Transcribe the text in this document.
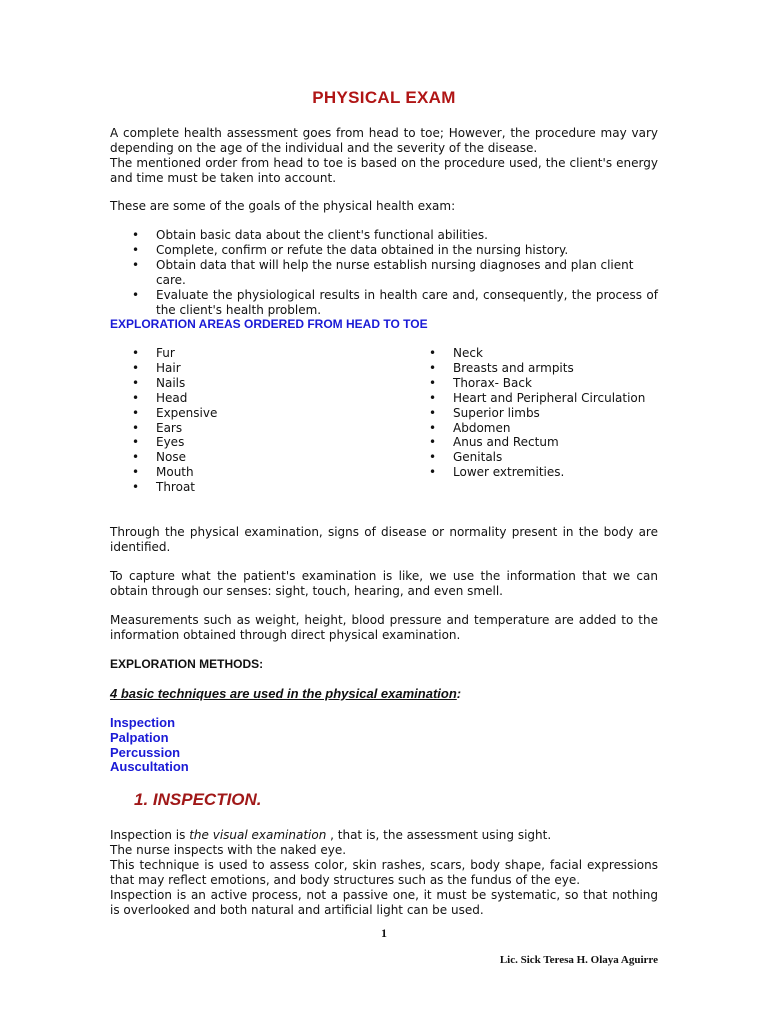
PHYSICAL EXAM

A complete health assessment goes from head to toe; However, the procedure may vary depending on the age of the individual and the severity of the disease.

The mentioned order from head to toe is based on the procedure used, the client's energy and time must be taken into account.

These are some of the goals of the physical health exam:
• Obtain basic data about the client's functional abilities.
• Complete, confirm or refute the data obtained in the nursing history.
• Obtain data that will help the nurse establish nursing diagnoses and plan client care.
• Evaluate the physiological results in health care and, consequently, the process of the client's health problem.
EXPLORATION AREAS ORDERED FROM HEAD TO TOE
• Fur
• Hair
• Nails
• Head
• Expensive
• Ears
• Eyes
• Nose
• Mouth
• Throat
• Neck
• Breasts and armpits
• Thorax- Back
• Heart and Peripheral Circulation
• Superior limbs
• Abdomen
• Anus and Rectum
• Genitals
• Lower extremities.
Through the physical examination, signs of disease or normality present in the body are identified.
To capture what the patient's examination is like, we use the information that we can obtain through our senses: sight, touch, hearing, and even smell.
Measurements such as weight, height, blood pressure and temperature are added to the information obtained through direct physical examination.
EXPLORATION METHODS:
4 basic techniques are used in the physical examination:
Inspection
Palpation
Percussion
Auscultation
1. INSPECTION.

Inspection is the visual examination , that is, the assessment using sight.

The nurse inspects with the naked eye.

This technique is used to assess color, skin rashes, scars, body shape, facial expressions that may reflect emotions, and body structures such as the fundus of the eye.

Inspection is an active process, not a passive one, it must be systematic, so that nothing is overlooked and both natural and artificial light can be used.

1
Lic. Sick Teresa H. Olaya Aguirre
